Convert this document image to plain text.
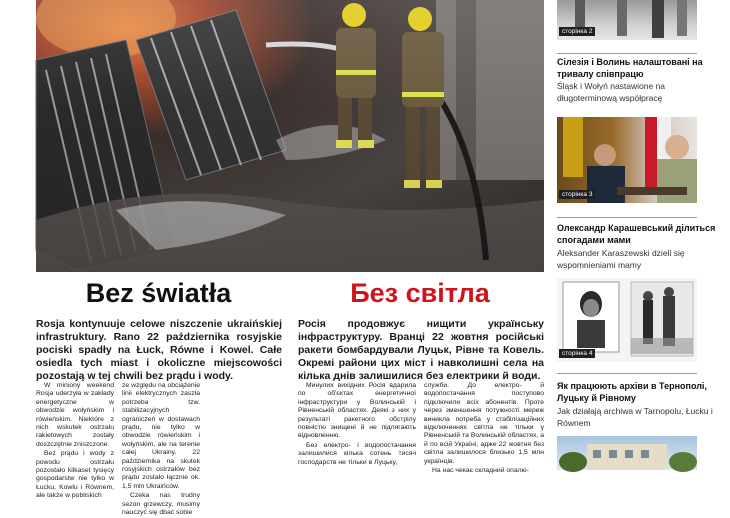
Bez światła	Без світла
Rosja kontynuuje celowe niszczenie ukraińskiej infrastruktury. Rano 22 października rosyjskie pociski spadły na Łuck, Równe i Kowel. Całe osiedla tych miast i okoliczne miejscowości pozostają w tej chwili bez prądu i wody.
Росія продовжує нищити українську інфраструктуру. Вранці 22 жовтня російські ракети бомбардували Луцьк, Рівне та Ковель. Окремі райони цих міст і навколишні села на кілька днів залишилися без електрики й води.

W miniony weekend Rosja uderzyła w zakłady energetyczne w obwodzie wołyńskim i rówieńskim. Niektóre z nich wskutek ostrzału rakietowych zostały doszczętnie zniszczone.

Bez prądu i wody z powodu ostrzału pozostało kilkaset tysięcy gospodarstw nie tylko w Łucku, Kowlu i Równem, ale także w pobliskich

ze względu na obciążenie linii elektrycznych zaszła potrzeba tzw. stabilizacyjnych ograniczeń w dostawach prądu, nie tylko w obwodzie rówieńskim i wołyńskim, ale na terenie całej Ukrainy. 22 października na skutek rosyjskich ostrzałów bez prądu zostało łącznie ok. 1,5 mln Ukraińców.

Czeka nas trudny sezon grzewczy, musimy nauczyć się dbać sobie

Минулих вихідних Росія вдарила по об'єктах енергетичної інфраструктури у Волинській і Рівненській областях. Деякі з них у результаті ракетного обстрілу повністю знищені й не підлягають відновленню.

Без електро- і водопостачання залишилися кілька сотень тисяч господарств не тільки в Луцьку,

служби. До електро- й водопостачання поступово підключили всіх абонентів. Проте через зменшення потужності мереж виникла потреба у стабілізаційних відключеннях світла не тільки у Рівненській та Волинській областях, а й по всій Україні, адже 22 жовтня без світла залишилося близько 1,5 млн українців.

На нас чекає складний опалю-

сторінка 2
Сілезія і Волинь налаштовані на тривалу співпрацю
Śląsk i Wołyń nastawione na długoterminową współpracę
сторінка 3
Олександр Карашевський ділиться спогадами мами
Aleksander Karaszewski dzieli się wspomnieniami mamy
сторінка 4
Як працюють архіви в Тернополі, Луцьку й Рівному
Jak działają archiwa w Tarnopolu, Łucku i Równem
